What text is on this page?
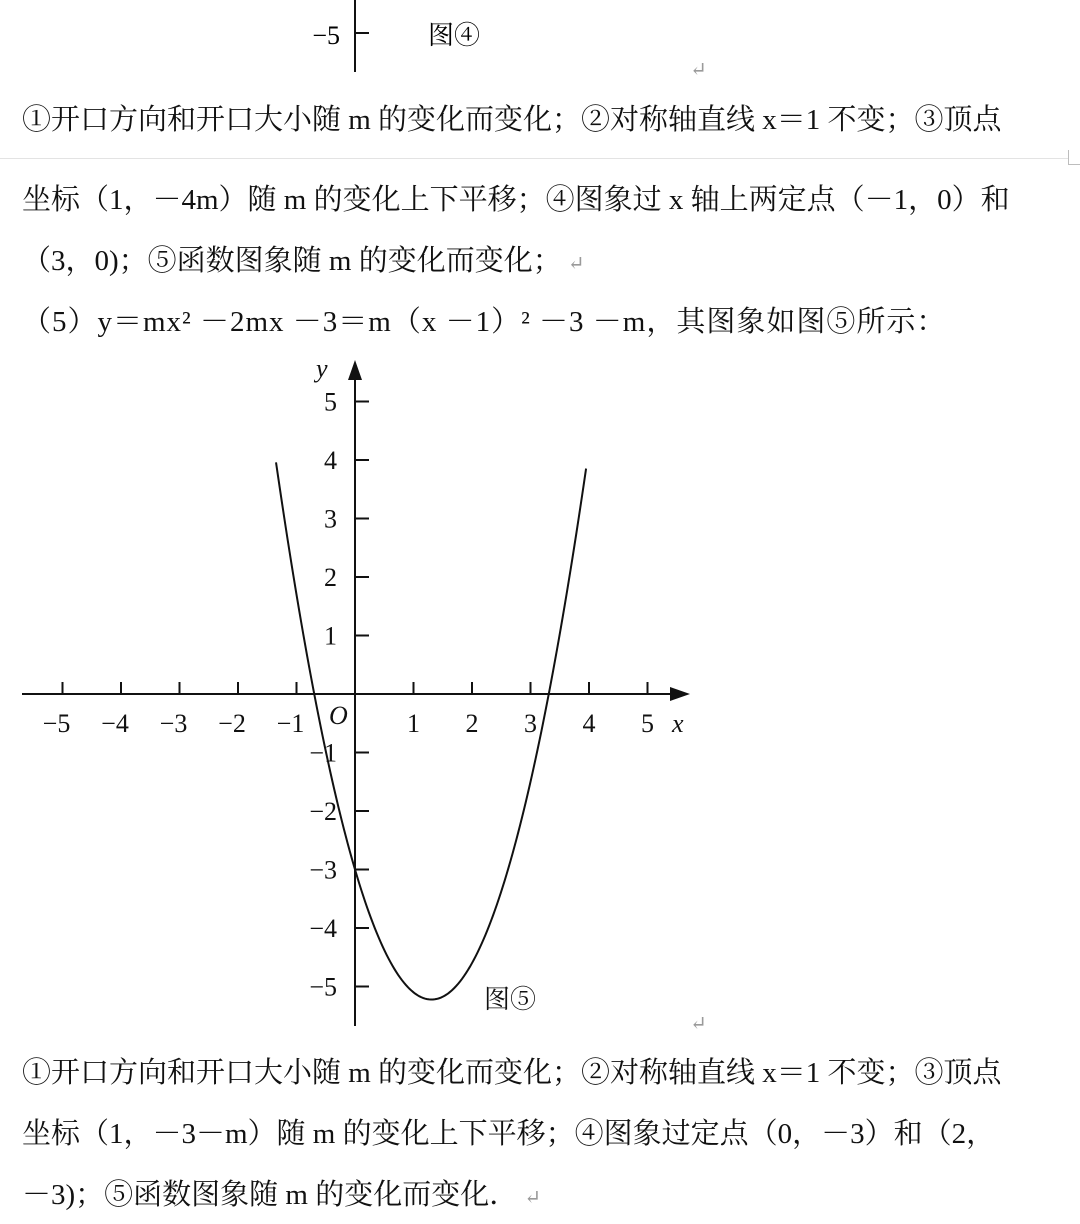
−5	图④
↵
①开口方向和开口大小随 m 的变化而变化；②对称轴直线 x＝1 不变；③顶点
坐标（1，－4m）随 m 的变化上下平移；④图象过 x 轴上两定点（－1，0）和
（3，0)；⑤函数图象随 m 的变化而变化； ↵
（5）y＝mx² －2mx －3＝m（x －1）² －3 －m，其图象如图⑤所示：
−5 −4 −3 −2 −1	1 2 3 4 5
5
4
3
2
1
−1
−2
−3
−4
−5
x
y
O
图⑤
↵
①开口方向和开口大小随 m 的变化而变化；②对称轴直线 x＝1 不变；③顶点
坐标（1，－3－m）随 m 的变化上下平移；④图象过定点（0，－3）和（2，
－3)；⑤函数图象随 m 的变化而变化． ↵
